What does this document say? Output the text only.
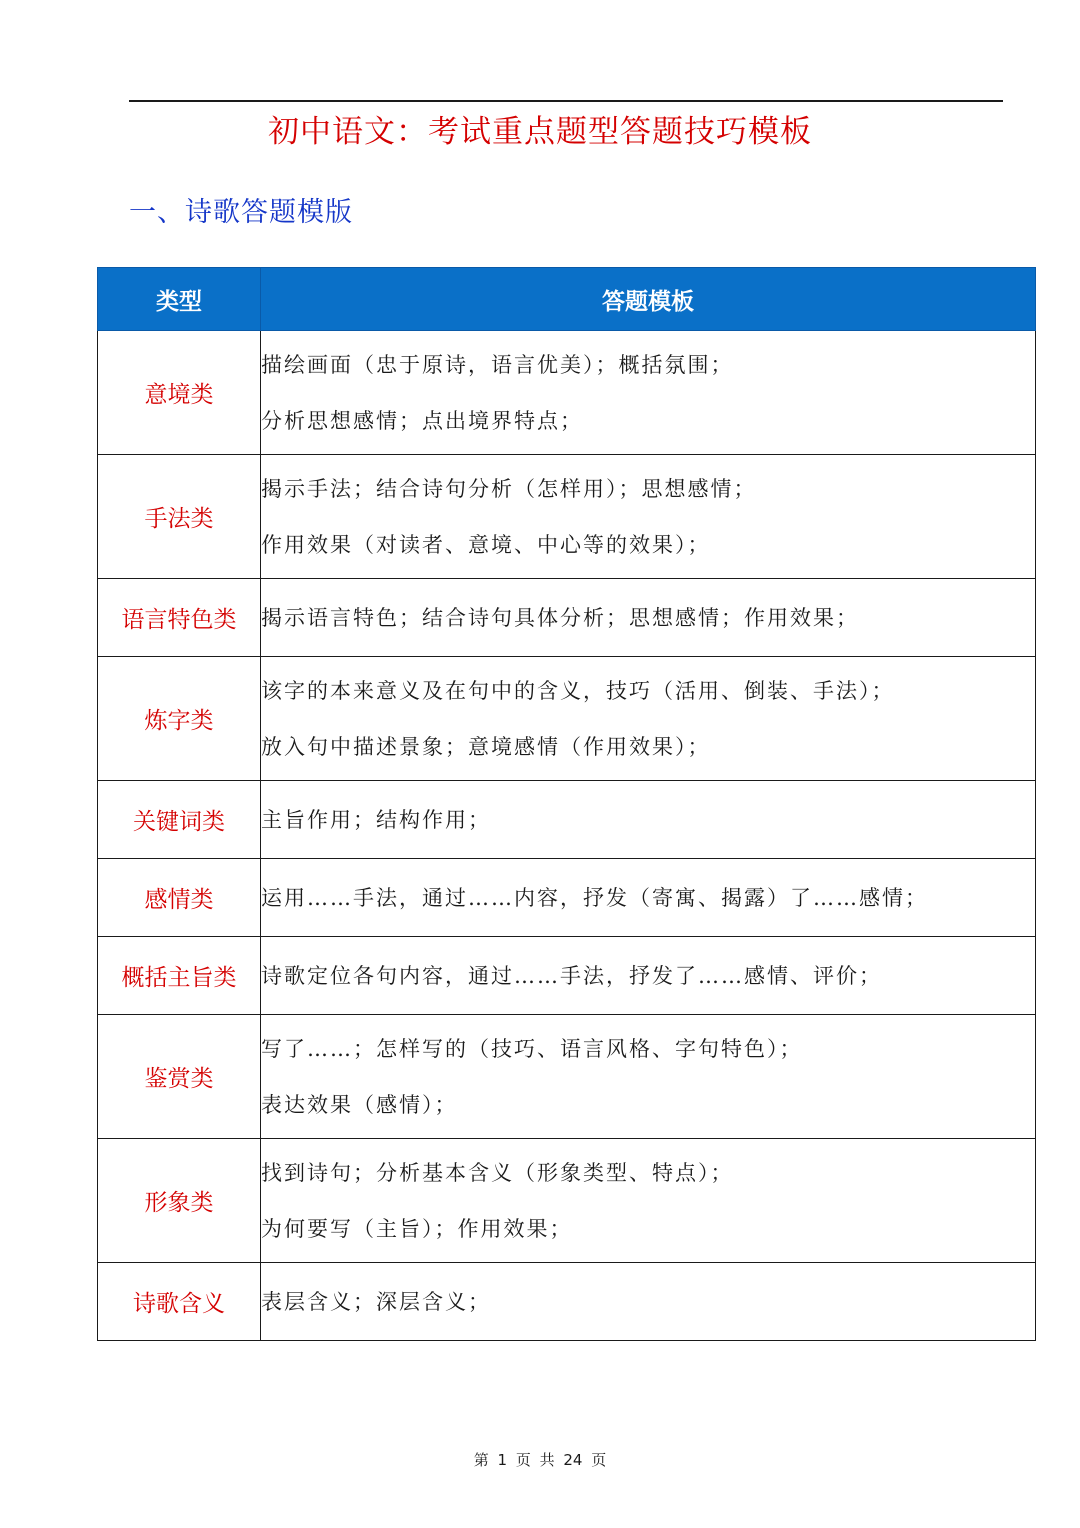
初中语文：考试重点题型答题技巧模板
一、诗歌答题模版
类型	答题模板
意境类	描绘画面（忠于原诗，语言优美）；概括氛围；
分析思想感情；点出境界特点；

手法类	揭示手法；结合诗句分析（怎样用）；思想感情；
作用效果（对读者、意境、中心等的效果）；

语言特色类	揭示语言特色；结合诗句具体分析；思想感情；作用效果；

炼字类	该字的本来意义及在句中的含义，技巧（活用、倒装、手法）；
放入句中描述景象；意境感情（作用效果）；

关键词类	主旨作用；结构作用；

感情类	运用……手法，通过……内容，抒发（寄寓、揭露）了……感情；

概括主旨类	诗歌定位各句内容，通过……手法，抒发了……感情、评价；

鉴赏类	写了……；怎样写的（技巧、语言风格、字句特色）；
表达效果（感情）；

形象类	找到诗句；分析基本含义（形象类型、特点）；
为何要写（主旨）；作用效果；

诗歌含义	表层含义；深层含义；
第 1 页 共 24 页
